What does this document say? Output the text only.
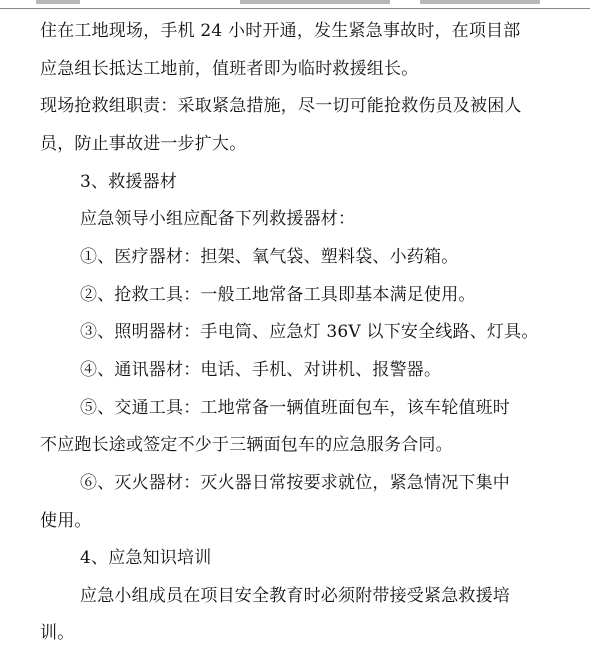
住在工地现场，手机 24 小时开通，发生紧急事故时，在项目部
应急组长抵达工地前，值班者即为临时救援组长。
现场抢救组职责：采取紧急措施，尽一切可能抢救伤员及被困人
员，防止事故进一步扩大。
3、救援器材
应急领导小组应配备下列救援器材：
①、医疗器材：担架、氧气袋、塑料袋、小药箱。
②、抢救工具：一般工地常备工具即基本满足使用。
③、照明器材：手电筒、应急灯 36V 以下安全线路、灯具。
④、通讯器材：电话、手机、对讲机、报警器。
⑤、交通工具：工地常备一辆值班面包车，该车轮值班时
不应跑长途或签定不少于三辆面包车的应急服务合同。
⑥、灭火器材：灭火器日常按要求就位，紧急情况下集中
使用。
4、应急知识培训
应急小组成员在项目安全教育时必须附带接受紧急救援培
训。
